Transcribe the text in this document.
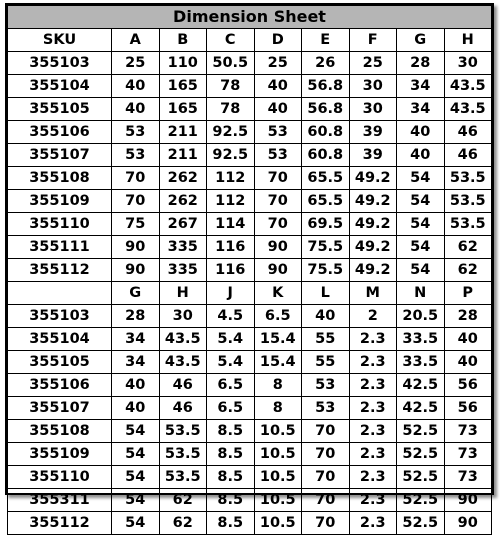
Dimension Sheet								
SKU	A	B	C	D	E	F	G	H
355103	25	110	50.5	25	26	25	28	30
355104	40	165	78	40	56.8	30	34	43.5
355105	40	165	78	40	56.8	30	34	43.5
355106	53	211	92.5	53	60.8	39	40	46
355107	53	211	92.5	53	60.8	39	40	46
355108	70	262	112	70	65.5	49.2	54	53.5
355109	70	262	112	70	65.5	49.2	54	53.5
355110	75	267	114	70	69.5	49.2	54	53.5
355111	90	335	116	90	75.5	49.2	54	62
355112	90	335	116	90	75.5	49.2	54	62
	G	H	J	K	L	M	N	P
355103	28	30	4.5	6.5	40	2	20.5	28
355104	34	43.5	5.4	15.4	55	2.3	33.5	40
355105	34	43.5	5.4	15.4	55	2.3	33.5	40
355106	40	46	6.5	8	53	2.3	42.5	56
355107	40	46	6.5	8	53	2.3	42.5	56
355108	54	53.5	8.5	10.5	70	2.3	52.5	73
355109	54	53.5	8.5	10.5	70	2.3	52.5	73
355110	54	53.5	8.5	10.5	70	2.3	52.5	73
355311	54	62	8.5	10.5	70	2.3	52.5	90
355112	54	62	8.5	10.5	70	2.3	52.5	90
